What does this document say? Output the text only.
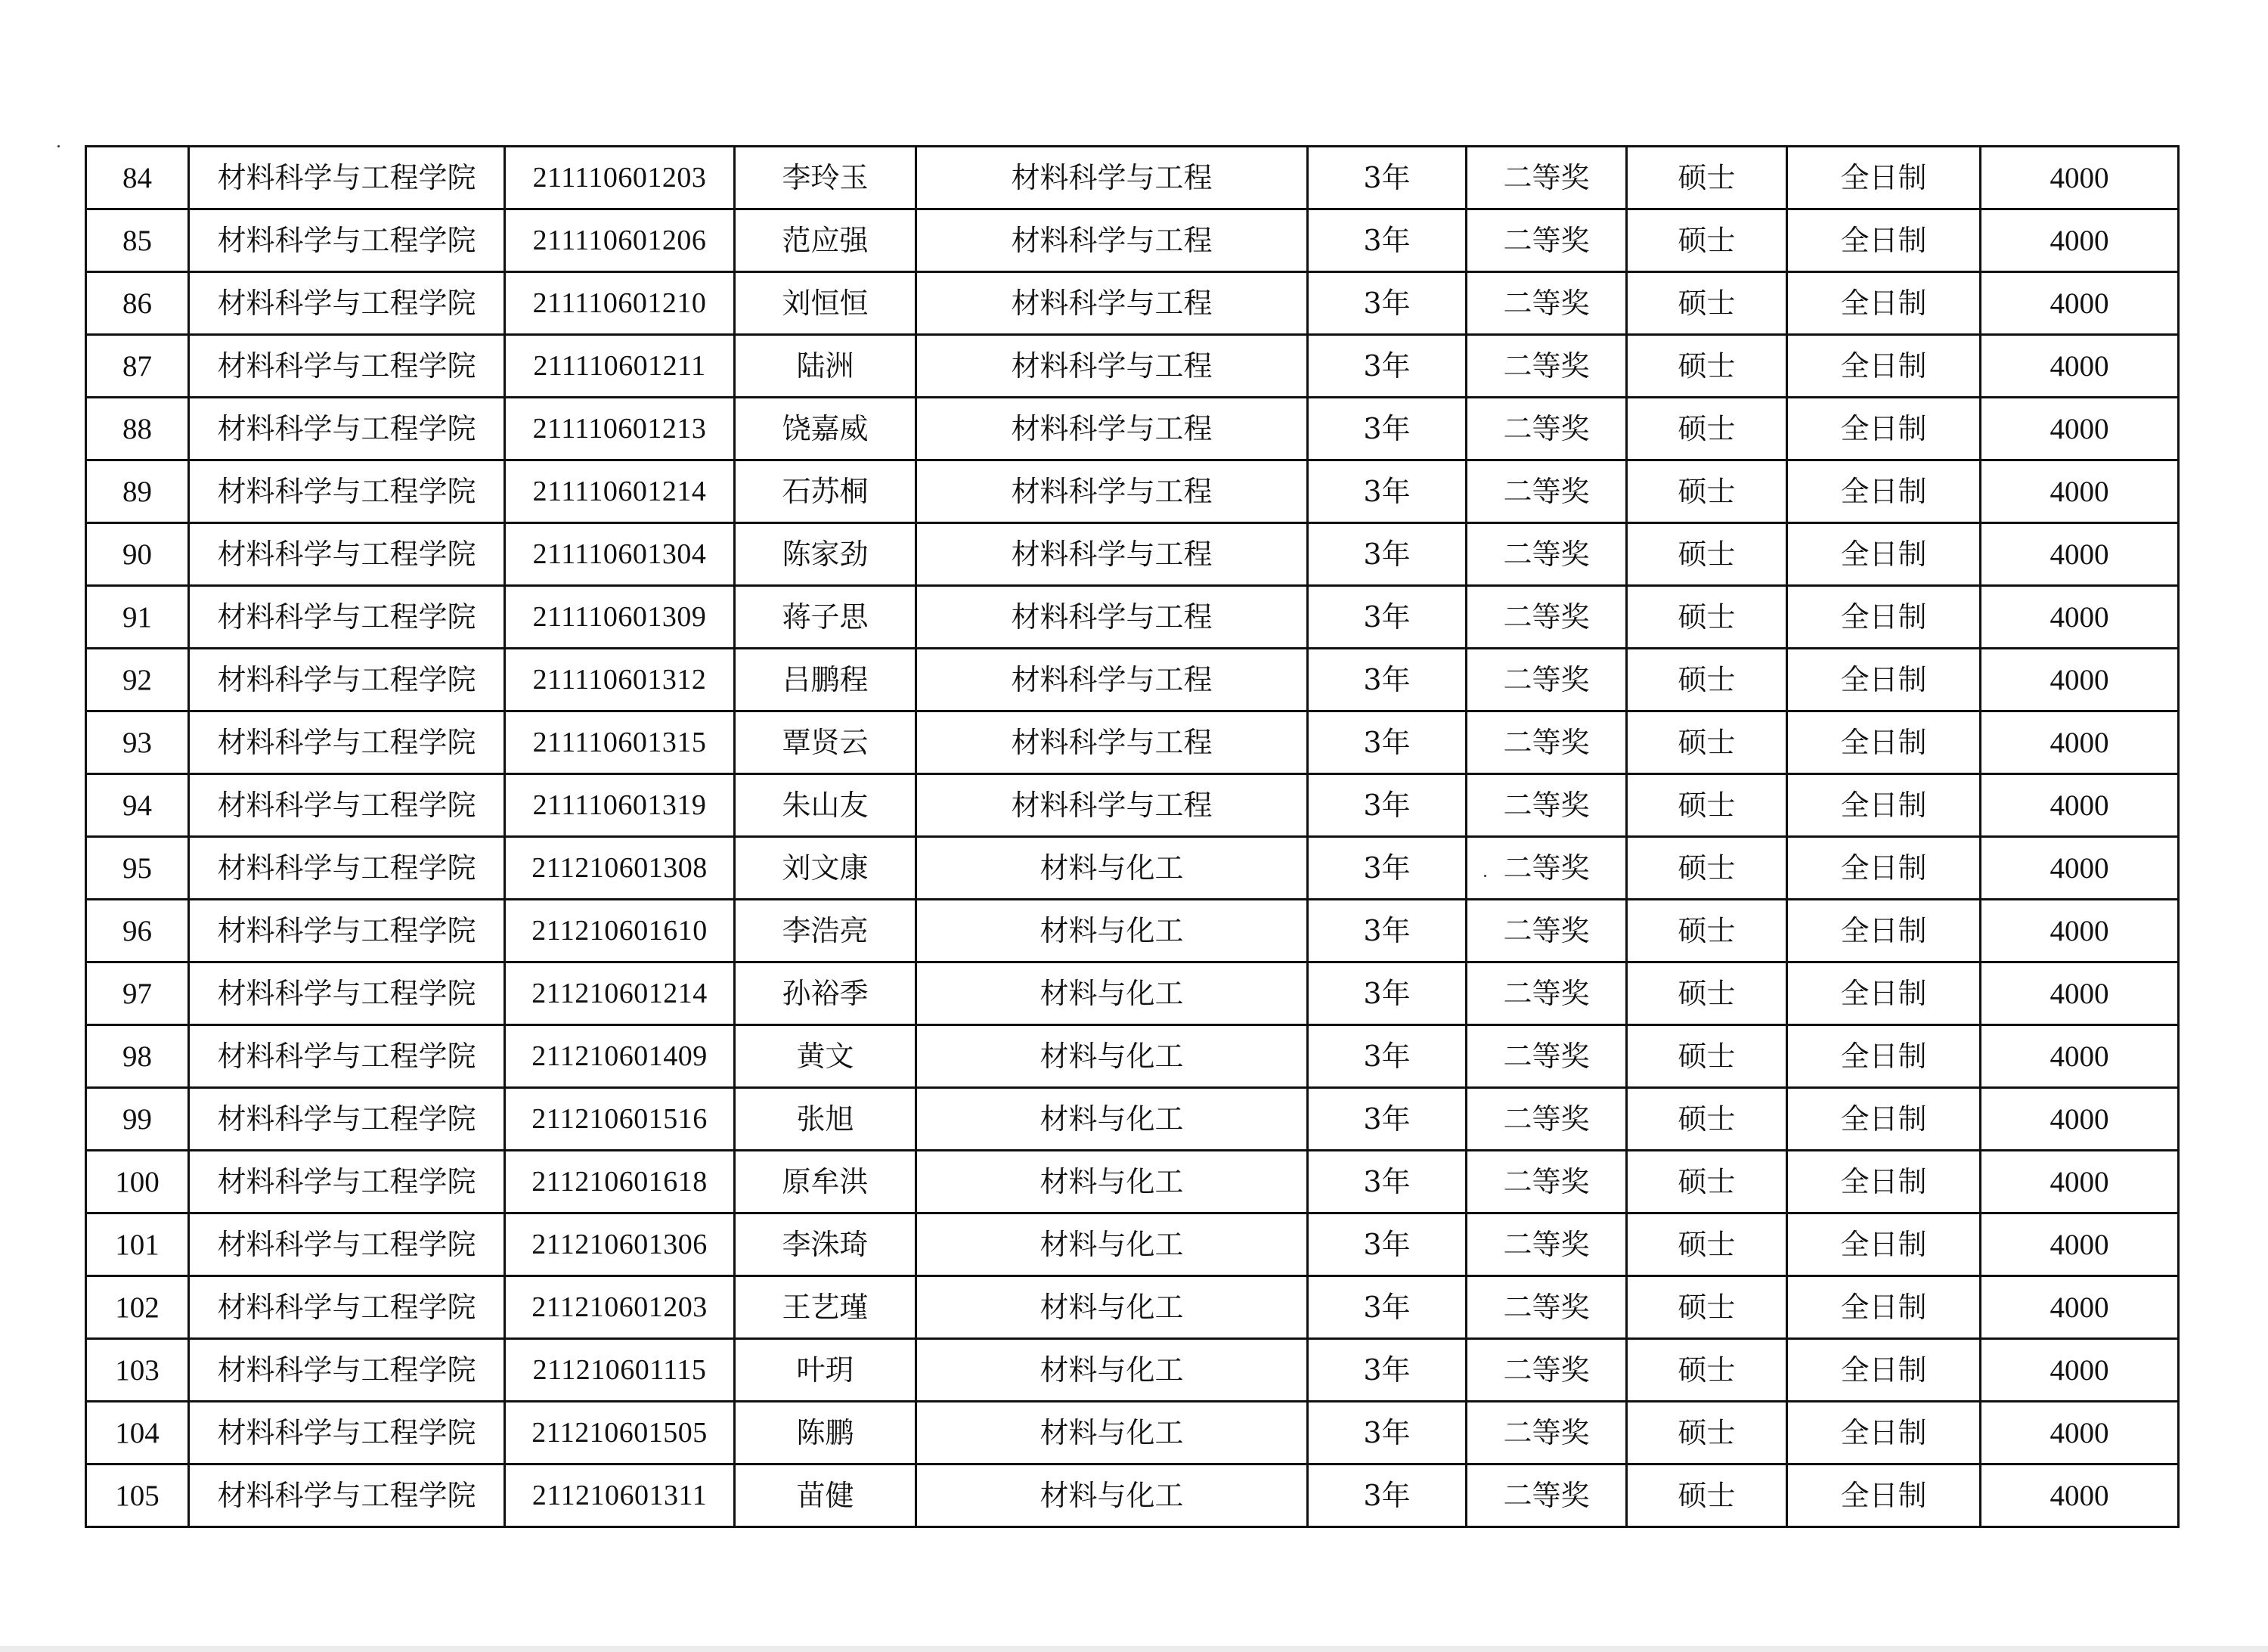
84	材料科学与工程学院	211110601203	李玲玉	材料科学与工程	3年	二等奖	硕士	全日制	4000
85	材料科学与工程学院	211110601206	范应强	材料科学与工程	3年	二等奖	硕士	全日制	4000
86	材料科学与工程学院	211110601210	刘恒恒	材料科学与工程	3年	二等奖	硕士	全日制	4000
87	材料科学与工程学院	211110601211	陆洲	材料科学与工程	3年	二等奖	硕士	全日制	4000
88	材料科学与工程学院	211110601213	饶嘉威	材料科学与工程	3年	二等奖	硕士	全日制	4000
89	材料科学与工程学院	211110601214	石苏桐	材料科学与工程	3年	二等奖	硕士	全日制	4000
90	材料科学与工程学院	211110601304	陈家劲	材料科学与工程	3年	二等奖	硕士	全日制	4000
91	材料科学与工程学院	211110601309	蒋子思	材料科学与工程	3年	二等奖	硕士	全日制	4000
92	材料科学与工程学院	211110601312	吕鹏程	材料科学与工程	3年	二等奖	硕士	全日制	4000
93	材料科学与工程学院	211110601315	覃贤云	材料科学与工程	3年	二等奖	硕士	全日制	4000
94	材料科学与工程学院	211110601319	朱山友	材料科学与工程	3年	二等奖	硕士	全日制	4000
95	材料科学与工程学院	211210601308	刘文康	材料与化工	3年	二等奖	硕士	全日制	4000
96	材料科学与工程学院	211210601610	李浩亮	材料与化工	3年	二等奖	硕士	全日制	4000
97	材料科学与工程学院	211210601214	孙裕季	材料与化工	3年	二等奖	硕士	全日制	4000
98	材料科学与工程学院	211210601409	黄文	材料与化工	3年	二等奖	硕士	全日制	4000
99	材料科学与工程学院	211210601516	张旭	材料与化工	3年	二等奖	硕士	全日制	4000
100	材料科学与工程学院	211210601618	原牟洪	材料与化工	3年	二等奖	硕士	全日制	4000
101	材料科学与工程学院	211210601306	李洙琦	材料与化工	3年	二等奖	硕士	全日制	4000
102	材料科学与工程学院	211210601203	王艺瑾	材料与化工	3年	二等奖	硕士	全日制	4000
103	材料科学与工程学院	211210601115	叶玥	材料与化工	3年	二等奖	硕士	全日制	4000
104	材料科学与工程学院	211210601505	陈鹏	材料与化工	3年	二等奖	硕士	全日制	4000
105	材料科学与工程学院	211210601311	苗健	材料与化工	3年	二等奖	硕士	全日制	4000
